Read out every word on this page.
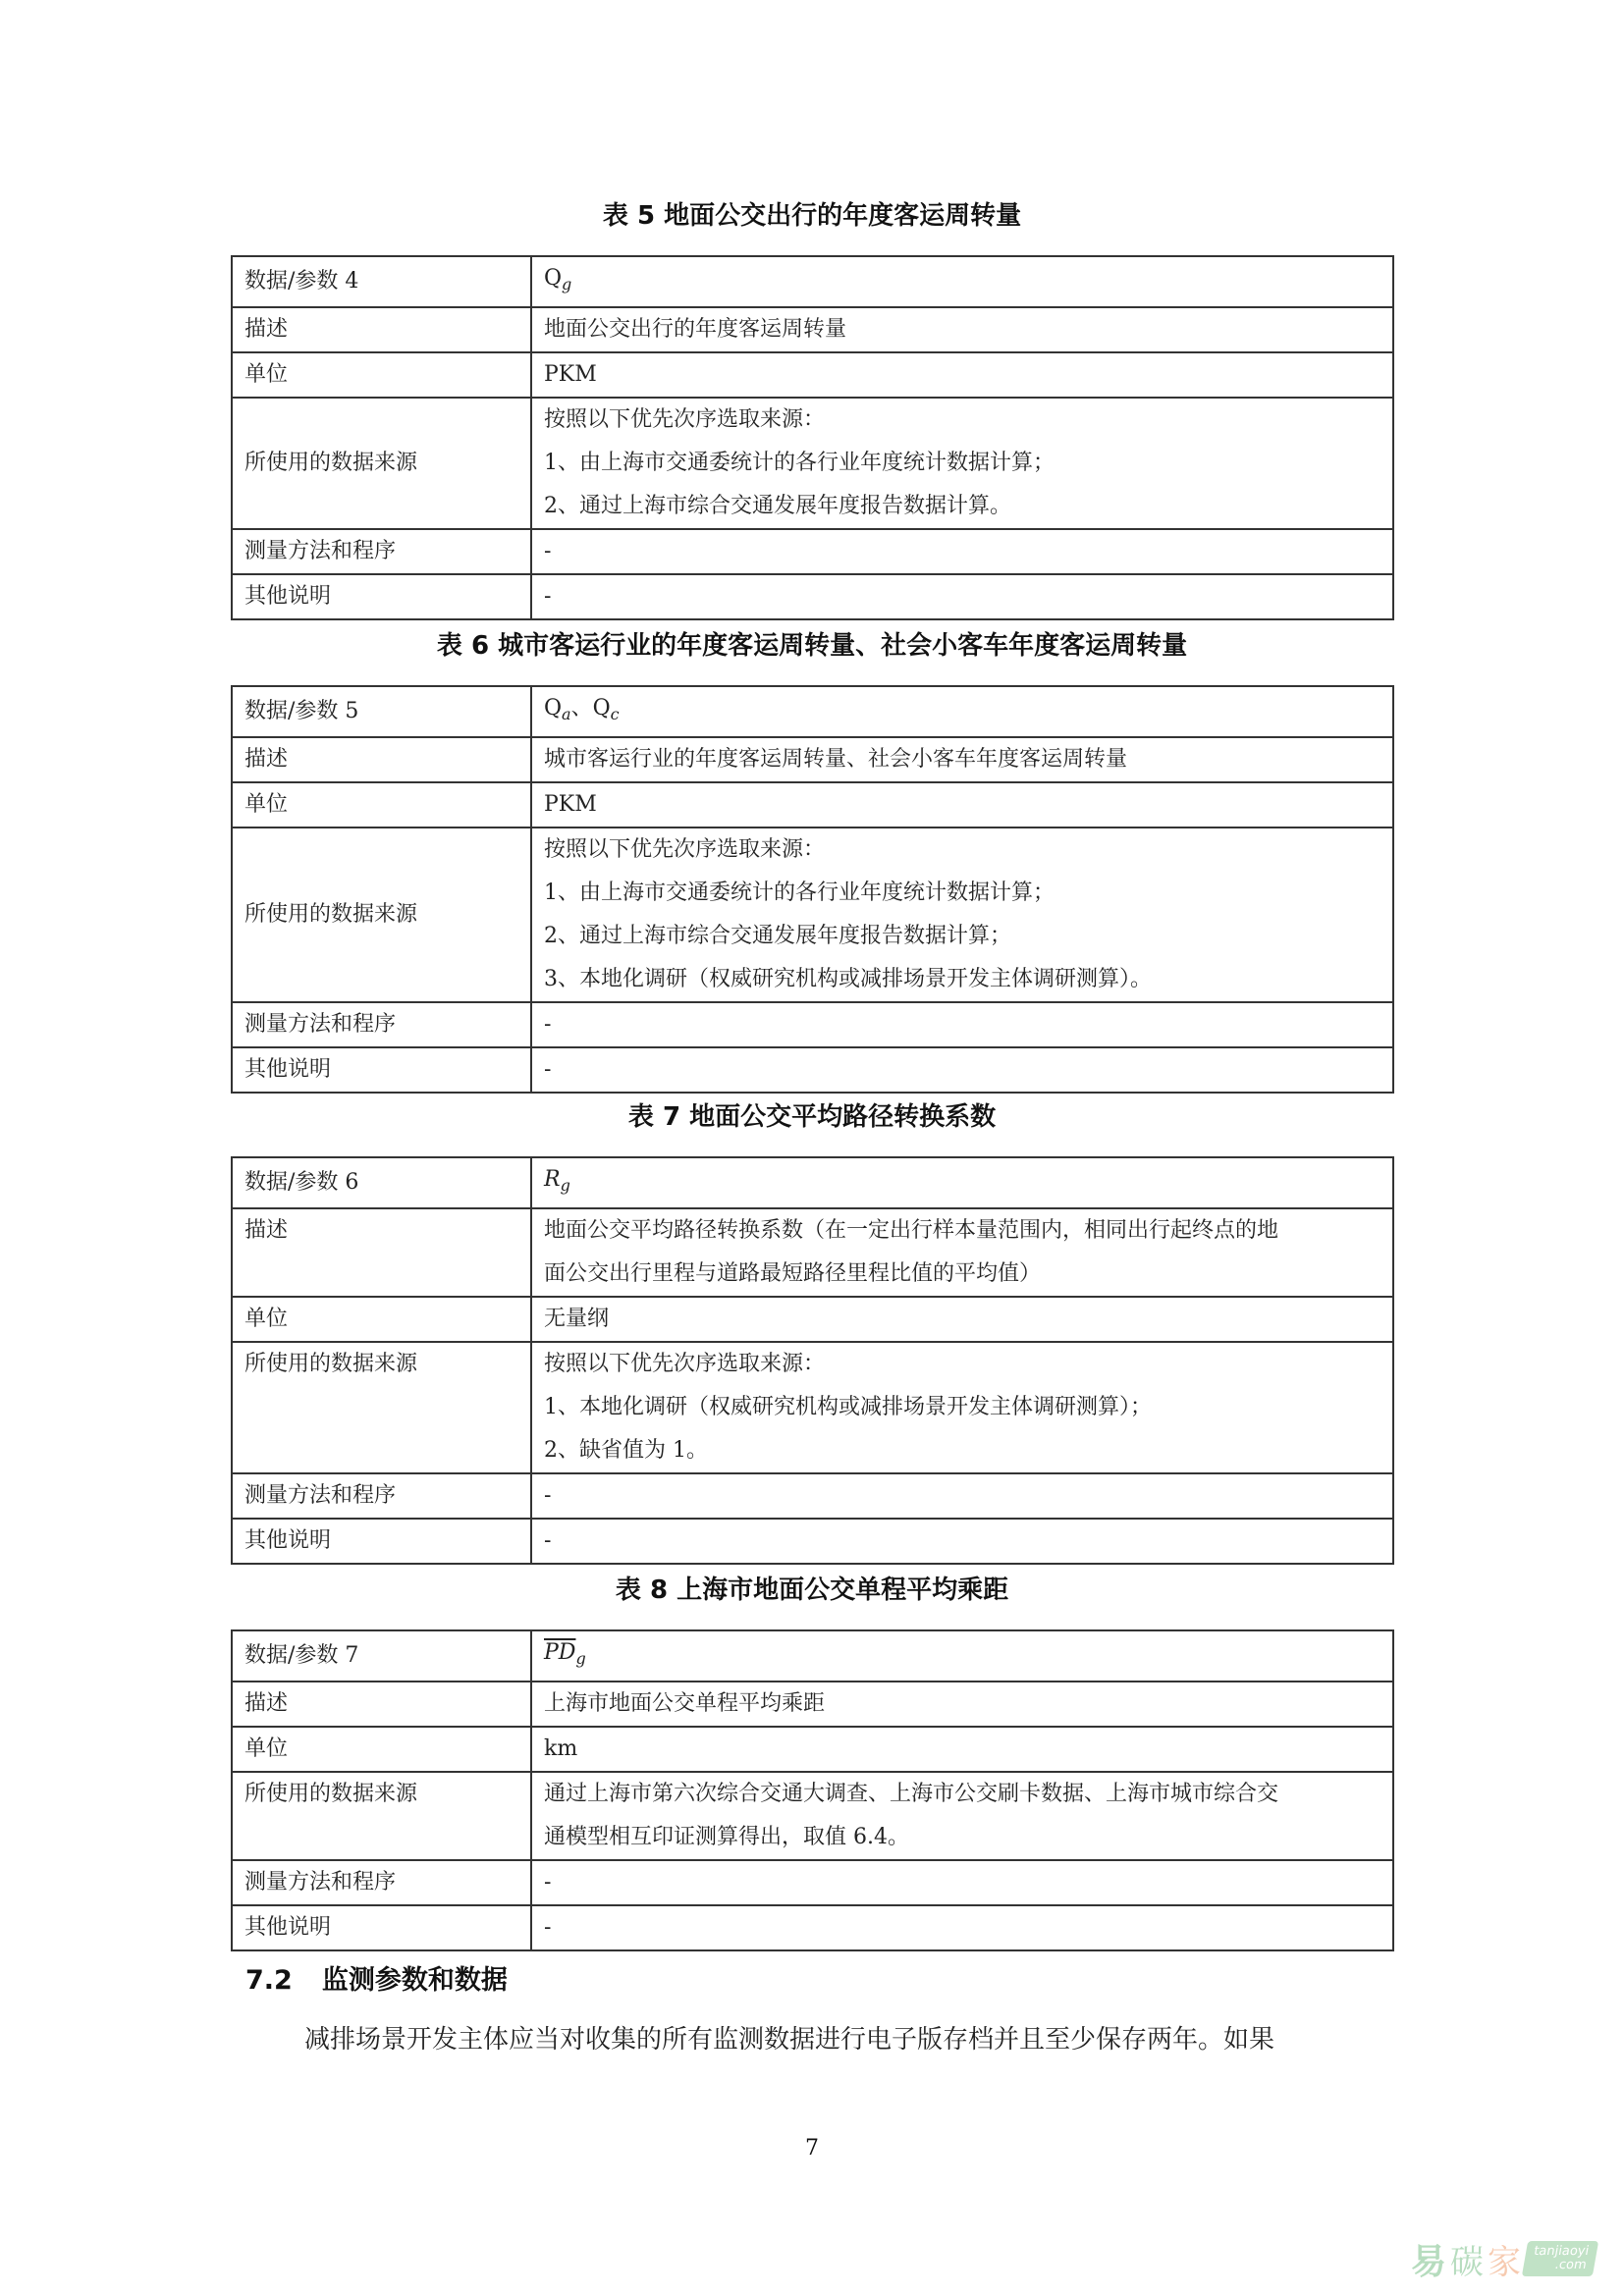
表 5 地面公交出行的年度客运周转量
数据/参数 4	$Q_g$
描述	地面公交出行的年度客运周转量
单位	PKM
所使用的数据来源	按照以下优先次序选取来源：
1、由上海市交通委统计的各行业年度统计数据计算；
2、通过上海市综合交通发展年度报告数据计算。

测量方法和程序	-
其他说明	-
表 6 城市客运行业的年度客运周转量、社会小客车年度客运周转量
数据/参数 5	$Q_a$、$Q_c$
描述	城市客运行业的年度客运周转量、社会小客车年度客运周转量
单位	PKM
所使用的数据来源	按照以下优先次序选取来源：
1、由上海市交通委统计的各行业年度统计数据计算；
2、通过上海市综合交通发展年度报告数据计算；
3、本地化调研（权威研究机构或减排场景开发主体调研测算）。

测量方法和程序	-
其他说明	-
表 7 地面公交平均路径转换系数
数据/参数 6	$R_g$
描述	地面公交平均路径转换系数（在一定出行样本量范围内，相同出行起终点的地
面公交出行里程与道路最短路径里程比值的平均值）

单位	无量纲
所使用的数据来源	按照以下优先次序选取来源：
1、本地化调研（权威研究机构或减排场景开发主体调研测算）；
2、缺省值为 1。

测量方法和程序	-
其他说明	-
表 8 上海市地面公交单程平均乘距
数据/参数 7	$\overline{PD}_g$
描述	上海市地面公交单程平均乘距
单位	km
所使用的数据来源	通过上海市第六次综合交通大调查、上海市公交刷卡数据、上海市城市综合交
通模型相互印证测算得出，取值 6.4。

测量方法和程序	-
其他说明	-
7.2 监测参数和数据
减排场景开发主体应当对收集的所有监测数据进行电子版存档并且至少保存两年。如果
7
易 碳 家 tanjiaoyi
.com
